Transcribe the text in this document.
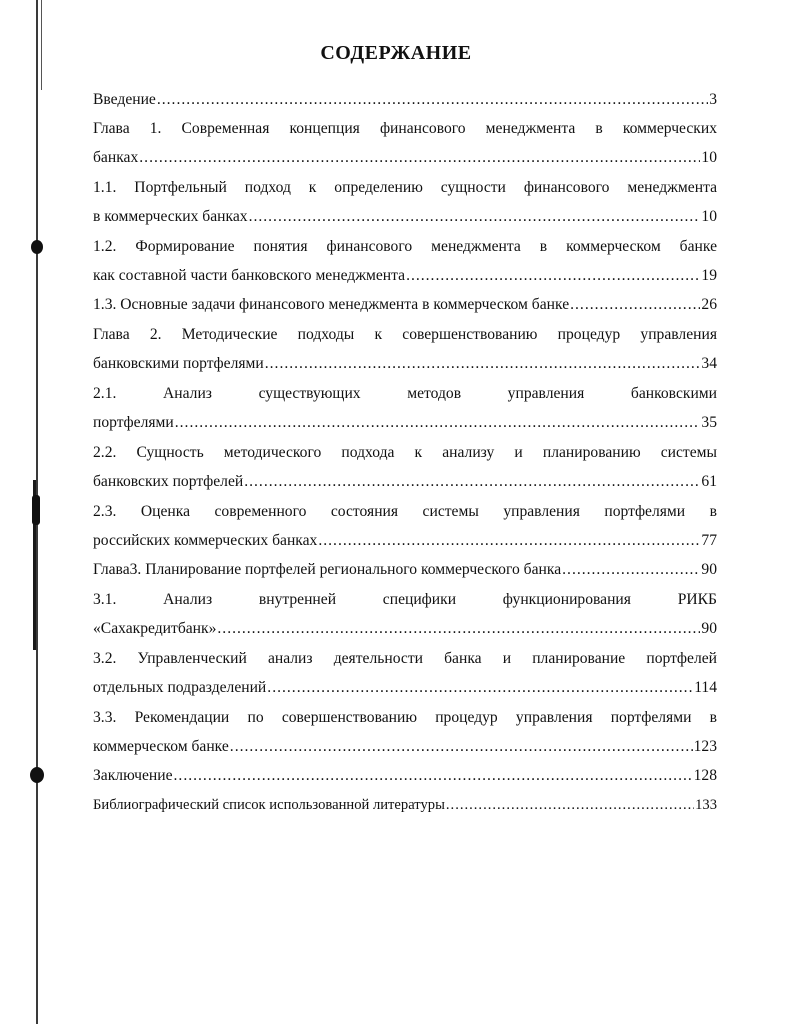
СОДЕРЖАНИЕ
Введение .....	3
Глава 1. Современная концепция финансового менеджмента в коммерческих
банках .....	10
1.1. Портфельный подход к определению сущности финансового менеджмента
в коммерческих банках .....	10
1.2. Формирование понятия финансового менеджмента в коммерческом банке
как составной части банковского менеджмента .....	19
1.3. Основные задачи финансового менеджмента в коммерческом банке .....	26
Глава 2. Методические подходы к совершенствованию процедур управления
банковскими портфелями .....	34
2.1. Анализ существующих методов управления банковскими
портфелями .....	35
2.2. Сущность методического подхода к анализу и планированию системы
банковских портфелей .....	61
2.3. Оценка современного состояния системы управления портфелями в
российских коммерческих банках .....	77
Глава3. Планирование портфелей регионального коммерческого банка .....	90
3.1. Анализ внутренней специфики функционирования РИКБ
«Сахакредитбанк» .....	90
3.2. Управленческий анализ деятельности банка и планирование портфелей
отдельных подразделений .....	114
3.3. Рекомендации по совершенствованию процедур управления портфелями в
коммерческом банке .....	123
Заключение .....	128
Библиографический список использованной литературы .....	133
